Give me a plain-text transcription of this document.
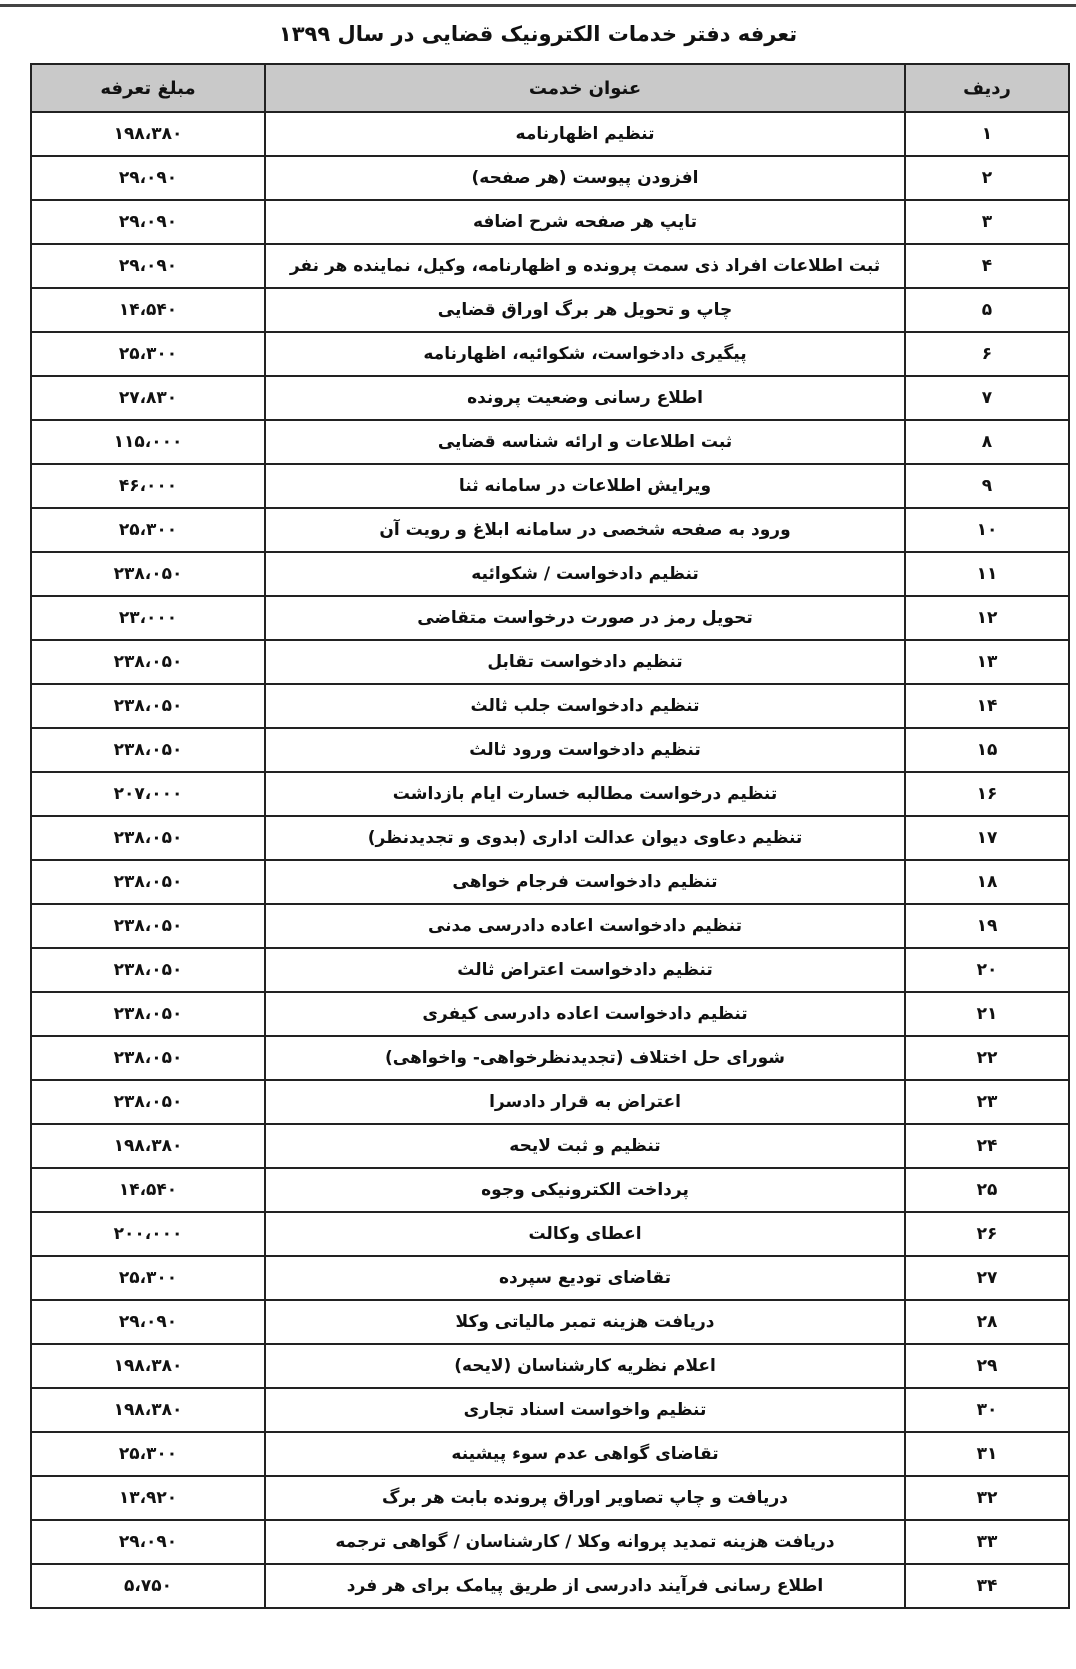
تعرفه دفتر خدمات الکترونیک قضایی در سال ۱۳۹۹
ردیف	عنوان خدمت	مبلغ تعرفه
۱	تنظیم اظهارنامه	۱۹۸،۳۸۰
۲	افزودن پیوست (هر صفحه)	۲۹،۰۹۰
۳	تایپ هر صفحه شرح اضافه	۲۹،۰۹۰
۴	ثبت اطلاعات افراد ذی سمت پرونده و اظهارنامه، وکیل، نماینده هر نفر	۲۹،۰۹۰
۵	چاپ و تحویل هر برگ اوراق قضایی	۱۴،۵۴۰
۶	پیگیری دادخواست، شکوائیه، اظهارنامه	۲۵،۳۰۰
۷	اطلاع رسانی وضعیت پرونده	۲۷،۸۳۰
۸	ثبت اطلاعات و ارائه شناسه قضایی	۱۱۵،۰۰۰
۹	ویرایش اطلاعات در سامانه ثنا	۴۶،۰۰۰
۱۰	ورود به صفحه شخصی در سامانه ابلاغ و رویت آن	۲۵،۳۰۰
۱۱	تنظیم دادخواست / شکوائیه	۲۳۸،۰۵۰
۱۲	تحویل رمز در صورت درخواست متقاضی	۲۳،۰۰۰
۱۳	تنظیم دادخواست تقابل	۲۳۸،۰۵۰
۱۴	تنظیم دادخواست جلب ثالث	۲۳۸،۰۵۰
۱۵	تنظیم دادخواست ورود ثالث	۲۳۸،۰۵۰
۱۶	تنظیم درخواست مطالبه خسارت ایام بازداشت	۲۰۷،۰۰۰
۱۷	تنظیم دعاوی دیوان عدالت اداری (بدوی و تجدیدنظر)	۲۳۸،۰۵۰
۱۸	تنظیم دادخواست فرجام خواهی	۲۳۸،۰۵۰
۱۹	تنظیم دادخواست اعاده دادرسی مدنی	۲۳۸،۰۵۰
۲۰	تنظیم دادخواست اعتراض ثالث	۲۳۸،۰۵۰
۲۱	تنظیم دادخواست اعاده دادرسی کیفری	۲۳۸،۰۵۰
۲۲	شورای حل اختلاف (تجدیدنظرخواهی- واخواهی)	۲۳۸،۰۵۰
۲۳	اعتراض به قرار دادسرا	۲۳۸،۰۵۰
۲۴	تنظیم و ثبت لایحه	۱۹۸،۳۸۰
۲۵	پرداخت الکترونیکی وجوه	۱۴،۵۴۰
۲۶	اعطای وکالت	۲۰۰،۰۰۰
۲۷	تقاضای تودیع سپرده	۲۵،۳۰۰
۲۸	دریافت هزینه تمبر مالیاتی وکلا	۲۹،۰۹۰
۲۹	اعلام نظریه کارشناسان (لایحه)	۱۹۸،۳۸۰
۳۰	تنظیم واخواست اسناد تجاری	۱۹۸،۳۸۰
۳۱	تقاضای گواهی عدم سوء پیشینه	۲۵،۳۰۰
۳۲	دریافت و چاپ تصاویر اوراق پرونده بابت هر برگ	۱۳،۹۲۰
۳۳	دریافت هزینه تمدید پروانه وکلا / کارشناسان / گواهی ترجمه	۲۹،۰۹۰
۳۴	اطلاع رسانی فرآیند دادرسی از طریق پیامک برای هر فرد	۵،۷۵۰
